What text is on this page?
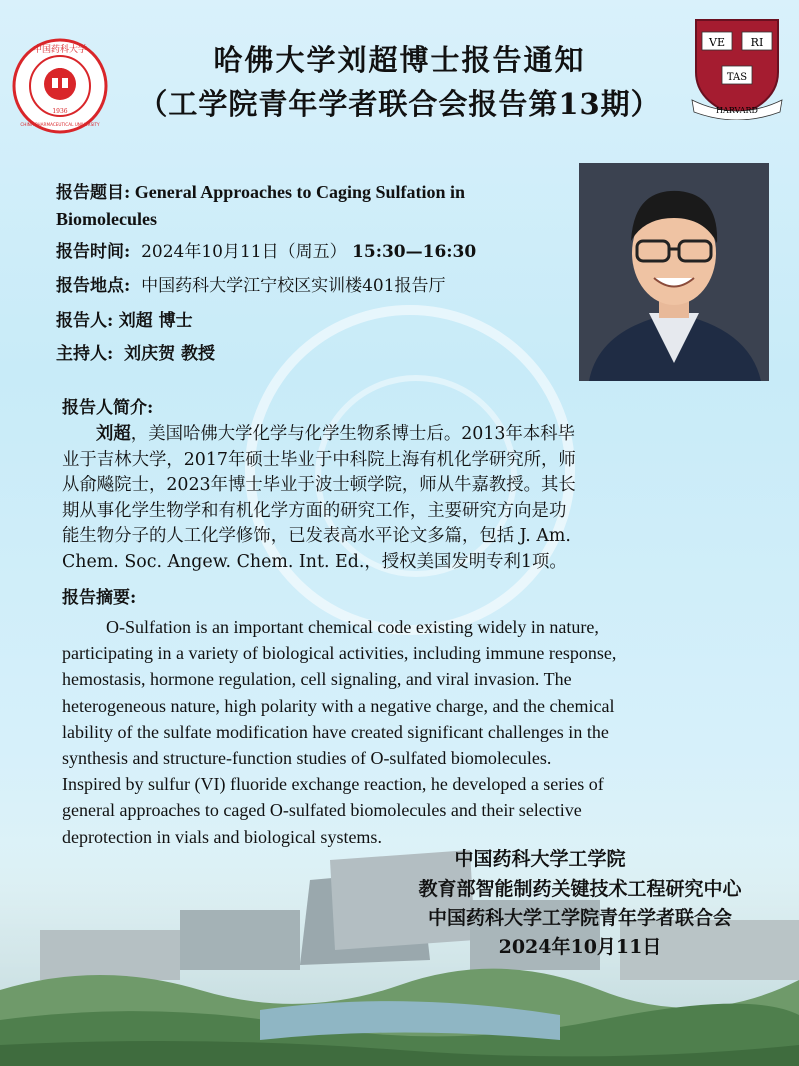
中国药科大学
1936
CHINA PHARMACEUTICAL UNIVERSITY
VE RI
TAS
HARVARD
哈佛大学刘超博士报告通知
（工学院青年学者联合会报告第13期）
报告题目: General Approaches to Caging Sulfation in
Biomolecules
报告时间: 2024年10月11日（周五） 15:30—16:30
报告地点: 中国药科大学江宁校区实训楼401报告厅
报告人: 刘超 博士
主持人: 刘庆贺 教授
报告人简介:
刘超，美国哈佛大学化学与化学生物系博士后。2013年本科毕
业于吉林大学，2017年硕士毕业于中科院上海有机化学研究所，师
从俞飚院士，2023年博士毕业于波士顿学院，师从牛嘉教授。其长
期从事化学生物学和有机化学方面的研究工作，主要研究方向是功
能生物分子的人工化学修饰，已发表高水平论文多篇，包括 J. Am.
Chem. Soc. Angew. Chem. Int. Ed.，授权美国发明专利1项。
报告摘要:
O-Sulfation is an important chemical code existing widely in nature,
participating in a variety of biological activities, including immune response,
hemostasis, hormone regulation, cell signaling, and viral invasion. The
heterogeneous nature, high polarity with a negative charge, and the chemical
lability of the sulfate modification have created significant challenges in the
synthesis and structure-function studies of O-sulfated biomolecules.
Inspired by sulfur (VI) fluoride exchange reaction, he developed a series of
general approaches to caged O-sulfated biomolecules and their selective
deprotection in vials and biological systems.
中国药科大学工学院
教育部智能制药关键技术工程研究中心
中国药科大学工学院青年学者联合会
2024年10月11日
